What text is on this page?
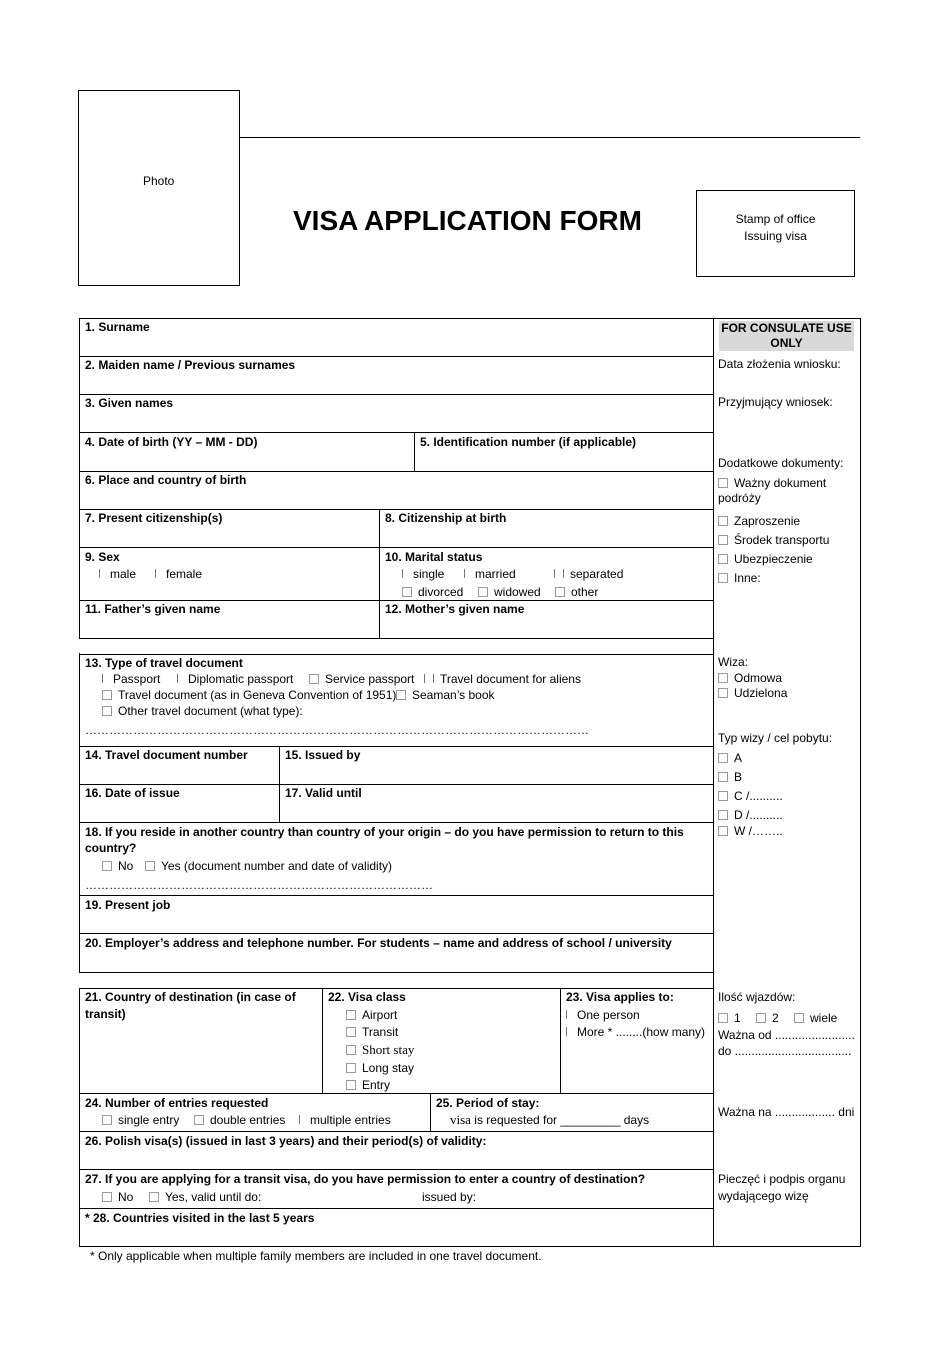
Photo
VISA APPLICATION FORM	Stamp of office
Issuing visa
1. Surname
2. Maiden name / Previous surnames
3. Given names
4. Date of birth (YY – MM - DD)	5. Identification number (if applicable)
6. Place and country of birth
7. Present citizenship(s)	8. Citizenship at birth
9. Sex
male	female
10. Marital status
single	married	separated
divorced	widowed	other
11. Father’s given name	12. Mother’s given name
13. Type of travel document
Passport	Diplomatic passport	Service passport	Travel document for aliens
Travel document (as in Geneva Convention of 1951)	Seaman’s book
Other travel document (what type):
………………………………………………………………………………………………………………
14. Travel document number	15. Issued by
16. Date of issue	17. Valid until
18. If you reside in another country than country of your origin – do you have permission to return to this
country?
No	Yes (document number and date of validity)
……………………………………………………………………………
19. Present job
20. Employer’s address and telephone number. For students – name and address of school / university
21. Country of destination (in case of
transit)
22. Visa class
Airport
Transit
Short stay
Long stay
Entry
23. Visa applies to:
One person
More * ........(how many)
24. Number of entries requested
single entry	double entries	multiple entries
25. Period of stay:
visa is requested for _________ days
26. Polish visa(s) (issued in last 3 years) and their period(s) of validity:
27. If you are applying for a transit visa, do you have permission to enter a country of destination?
No	Yes, valid until do:	issued by:
* 28. Countries visited in the last 5 years
FOR CONSULATE USE
ONLY
Data złożenia wniosku:
Przyjmujący wniosek:
Dodatkowe dokumenty:
Ważny dokument
podróży
Zaproszenie
Środek transportu
Ubezpieczenie
Inne:
Wiza:
Odmowa
Udzielona
Typ wizy / cel pobytu:
A
B
C /..........
D /..........
W /……..
Ilość wjazdów:
1	2	wiele
Ważna od ........................
do ...................................
Ważna na .................. dni
Pieczęć i podpis organu
wydającego wizę
* Only applicable when multiple family members are included in one travel document.
